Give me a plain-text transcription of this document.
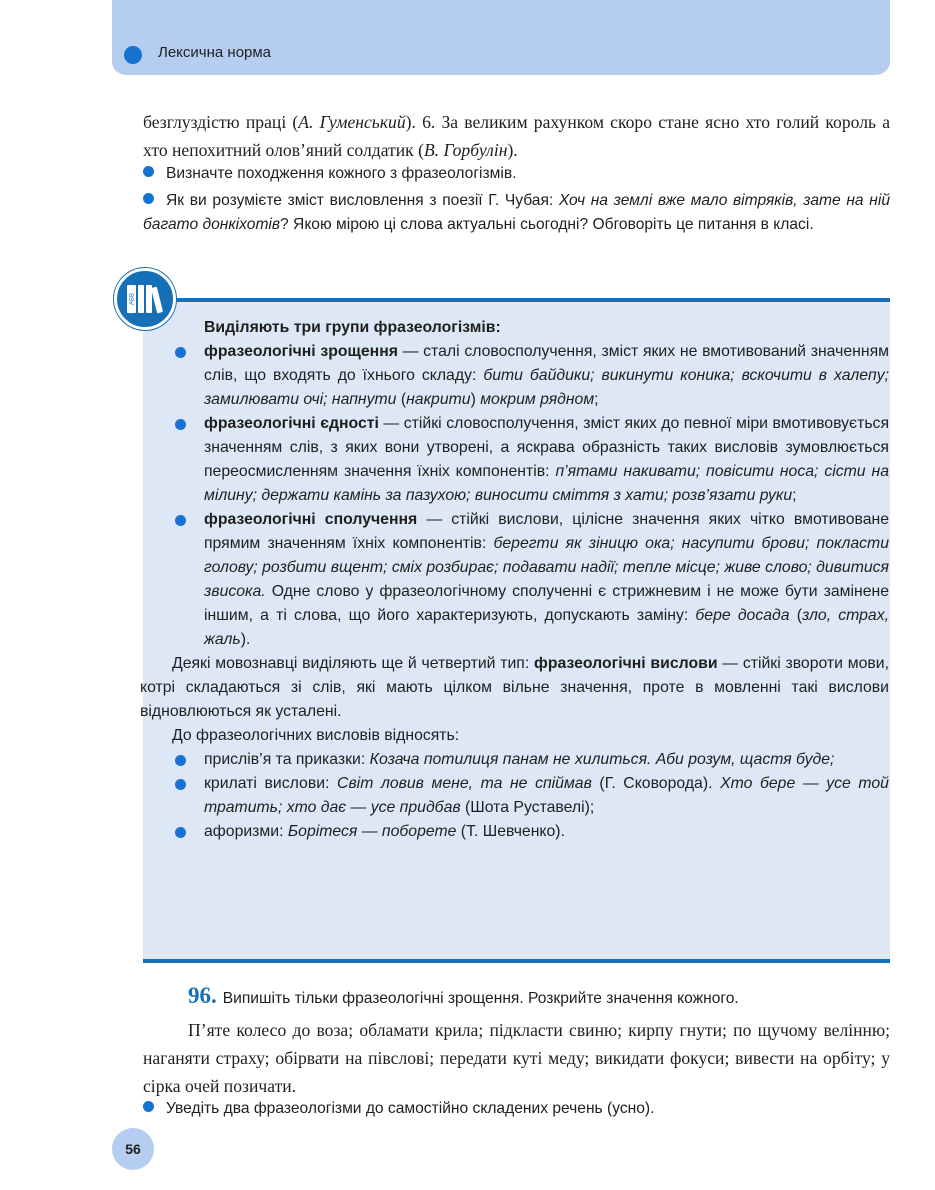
Лексична норма
безглуздістю праці (А. Гуменський). 6. За великим рахунком скоро стане ясно хто голий король а хто непохитний олов’яний солдатик (В. Горбулін).
Визначте походження кожного з фразеологізмів.
Як ви розумієте зміст висловлення з поезії Г. Чубая: Хоч на землі вже мало вітряків, зате на ній багато донкіхотів? Якою мірою ці слова актуальні сьогодні? Обговоріть це питання в класі.
АБВ

Виділяють три групи фразеологізмів:

фразеологічні зрощення — сталі словосполучення, зміст яких не вмотивований значенням слів, що входять до їхнього складу: бити байдики; викинути коника; вскочити в халепу; замилювати очі; напнути (накрити) мокрим рядном;

фразеологічні єдності — стійкі словосполучення, зміст яких до певної міри вмотивовується значенням слів, з яких вони утворені, а яскрава образність таких висловів зумовлюється переосмисленням значення їхніх компонентів: п’ятами накивати; повісити носа; сісти на мілину; держати камінь за пазухою; виносити сміття з хати; розв’язати руки;

фразеологічні сполучення — стійкі вислови, цілісне значення яких чітко вмотивоване прямим значенням їхніх компонентів: берегти як зіницю ока; насупити брови; покласти голову; розбити вщент; сміх розбирає; подавати надії; тепле місце; живе слово; дивитися звисока. Одне слово у фразеологічному сполученні є стрижневим і не може бути замінене іншим, а ті слова, що його характеризують, допускають заміну: бере досада (зло, страх, жаль).

Деякі мовознавці виділяють ще й четвертий тип: фразеологічні вислови — стійкі звороти мови, котрі складаються зі слів, які мають цілком вільне значення, проте в мовленні такі вислови відновлюються як усталені.

До фразеологічних висловів відносять:

прислів’я та приказки: Козача потилиця панам не хилиться. Аби розум, щастя буде;

крилаті вислови: Світ ловив мене, та не спіймав (Г. Сковорода). Хто бере — усе той тратить; хто дає — усе придбав (Шота Руставелі);

афоризми: Борітеся — поборете (Т. Шевченко).

96. Випишіть тільки фразеологічні зрощення. Розкрийте значення кожного.
П’яте колесо до воза; обламати крила; підкласти свиню; кирпу гнути; по щучому велінню; наганяти страху; обірвати на півслові; передати куті меду; викидати фокуси; вивести на орбіту; у сірка очей позичати.
Уведіть два фразеологізми до самостійно складених речень (усно).
56
